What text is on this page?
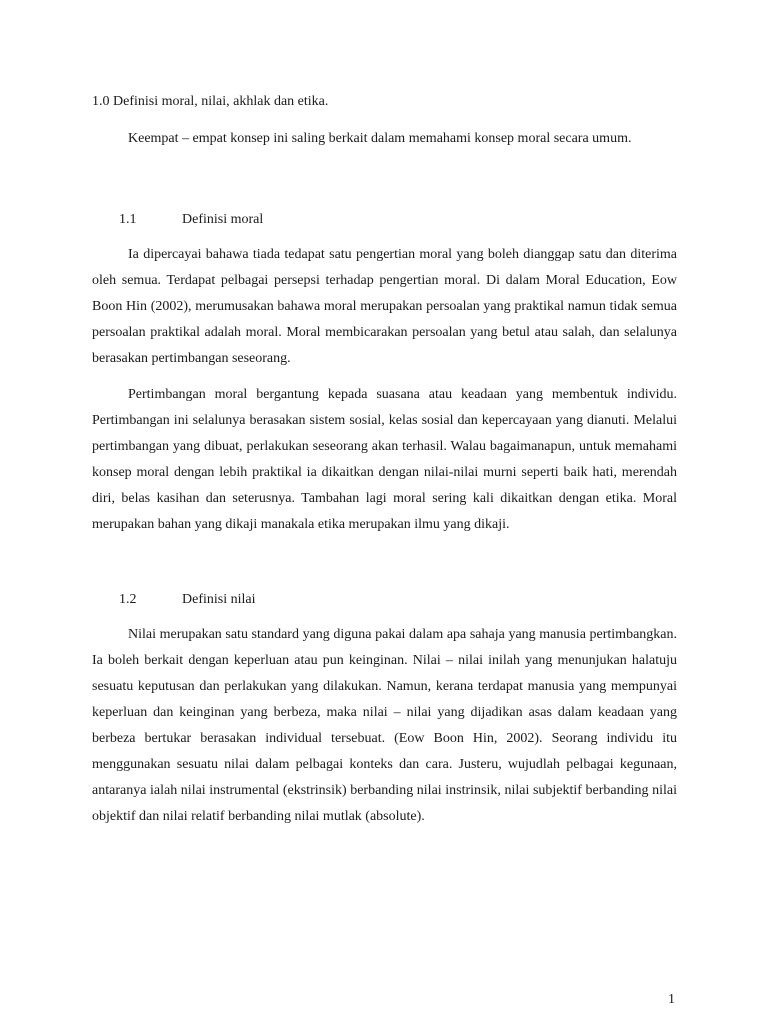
1.0 Definisi moral, nilai, akhlak dan etika.

Keempat – empat konsep ini saling berkait dalam memahami konsep moral secara umum.

1.1	Definisi moral

Ia dipercayai bahawa tiada tedapat satu pengertian moral yang boleh dianggap satu dan diterima oleh semua. Terdapat pelbagai persepsi terhadap pengertian moral. Di dalam Moral Education, Eow Boon Hin (2002), merumusakan bahawa moral merupakan persoalan yang praktikal namun tidak semua persoalan praktikal adalah moral. Moral membicarakan persoalan yang betul atau salah, dan selalunya berasakan pertimbangan seseorang.

Pertimbangan moral bergantung kepada suasana atau keadaan yang membentuk individu. Pertimbangan ini selalunya berasakan sistem sosial, kelas sosial dan kepercayaan yang dianuti. Melalui pertimbangan yang dibuat, perlakukan seseorang akan terhasil. Walau bagaimanapun, untuk memahami konsep moral dengan lebih praktikal ia dikaitkan dengan nilai-nilai murni seperti baik hati, merendah diri, belas kasihan dan seterusnya. Tambahan lagi moral sering kali dikaitkan dengan etika. Moral merupakan bahan yang dikaji manakala etika merupakan ilmu yang dikaji.

1.2	Definisi nilai

Nilai merupakan satu standard yang diguna pakai dalam apa sahaja yang manusia pertimbangkan. Ia boleh berkait dengan keperluan atau pun keinginan. Nilai – nilai inilah yang menunjukan halatuju sesuatu keputusan dan perlakukan yang dilakukan. Namun, kerana terdapat manusia yang mempunyai keperluan dan keinginan yang berbeza, maka nilai – nilai yang dijadikan asas dalam keadaan yang berbeza bertukar berasakan individual tersebuat. (Eow Boon Hin, 2002). Seorang individu itu menggunakan sesuatu nilai dalam pelbagai konteks dan cara. Justeru, wujudlah pelbagai kegunaan, antaranya ialah nilai instrumental (ekstrinsik) berbanding nilai instrinsik, nilai subjektif berbanding nilai objektif dan nilai relatif berbanding nilai mutlak (absolute).

1
